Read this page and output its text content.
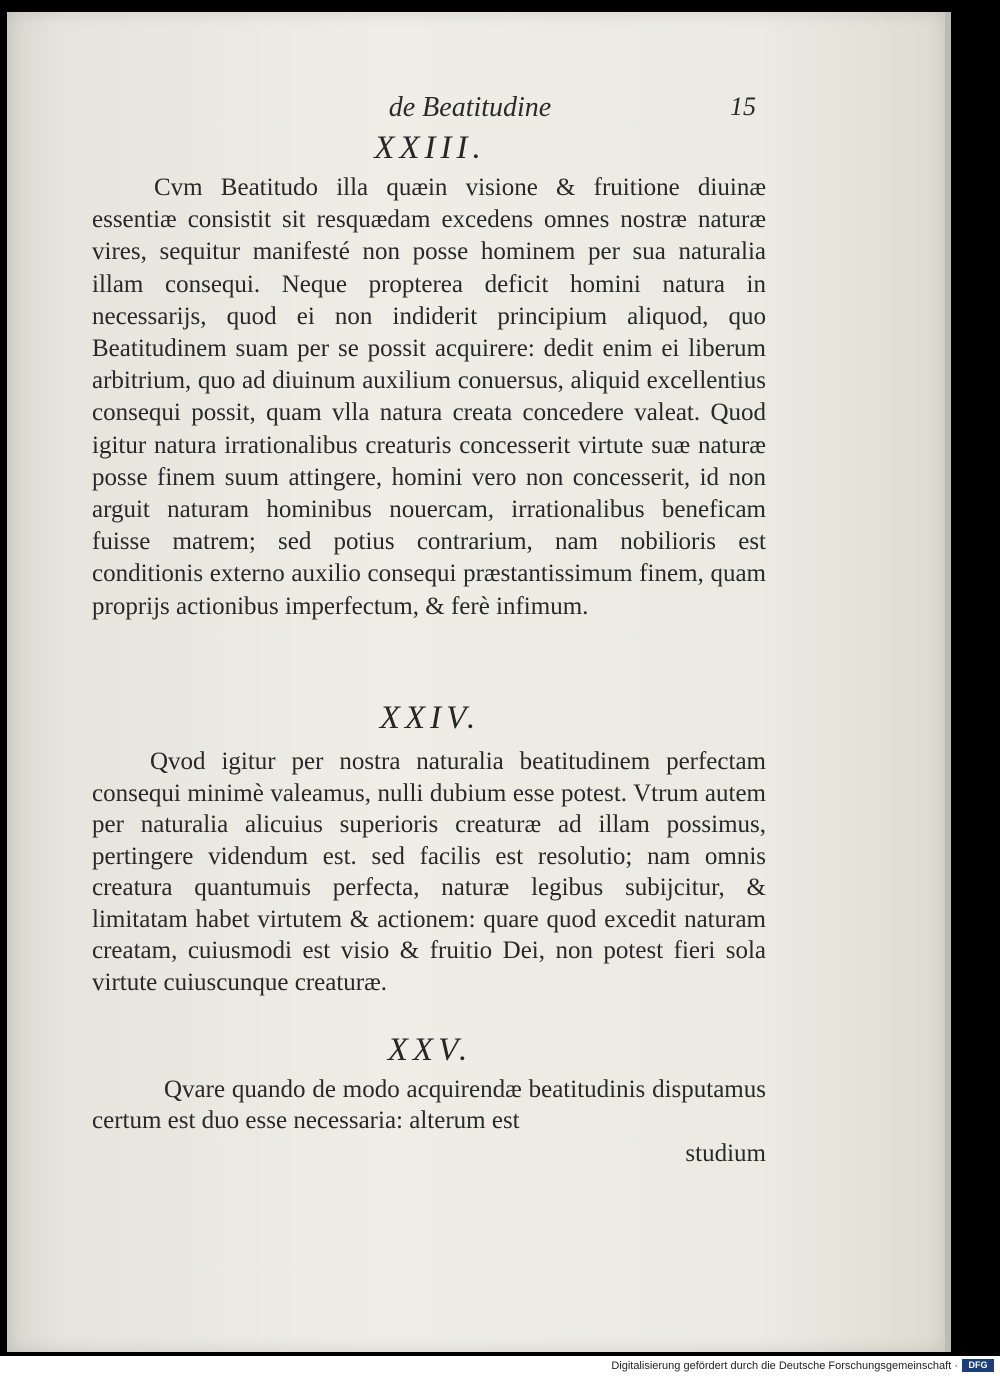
de Beatitudine	15
XXIII.

Cvm Beatitudo illa quæin visione & fruitione diuinæ essentiæ consistit sit resquædam excedens omnes nostræ naturæ vires, sequitur manifesté non posse hominem per sua naturalia illam consequi. Neque propterea deficit homini natura in necessarijs, quod ei non indiderit principium aliquod, quo Beatitudinem suam per se possit acquirere: dedit enim ei liberum arbitrium, quo ad diuinum auxilium conuersus, aliquid excellentius consequi possit, quam vlla natura creata concedere valeat. Quod igitur natura irrationalibus creaturis concesserit virtute suæ naturæ posse finem suum attingere, homini vero non concesserit, id non arguit naturam hominibus nouercam, irrationalibus beneficam fuisse matrem; sed potius contrarium, nam nobilioris est conditionis externo auxilio consequi præstantissimum finem, quam proprijs actionibus imperfectum, & ferè infimum.

XXIV.

Qvod igitur per nostra naturalia beatitudinem perfectam consequi minimè valeamus, nulli dubium esse potest. Vtrum autem per naturalia alicuius superioris creaturæ ad illam possimus, pertingere videndum est. sed facilis est resolutio; nam omnis creatura quantumuis perfecta, naturæ legibus subijcitur, & limitatam habet virtutem & actionem: quare quod excedit naturam creatam, cuiusmodi est visio & fruitio Dei, non potest fieri sola virtute cuiuscunque creaturæ.

XXV.

Qvare quando de modo acquirendæ beatitudinis disputamus certum est duo esse necessaria: alterum est

studium
Digitalisierung gefördert durch die Deutsche Forschungsgemeinschaft ·	DFG
